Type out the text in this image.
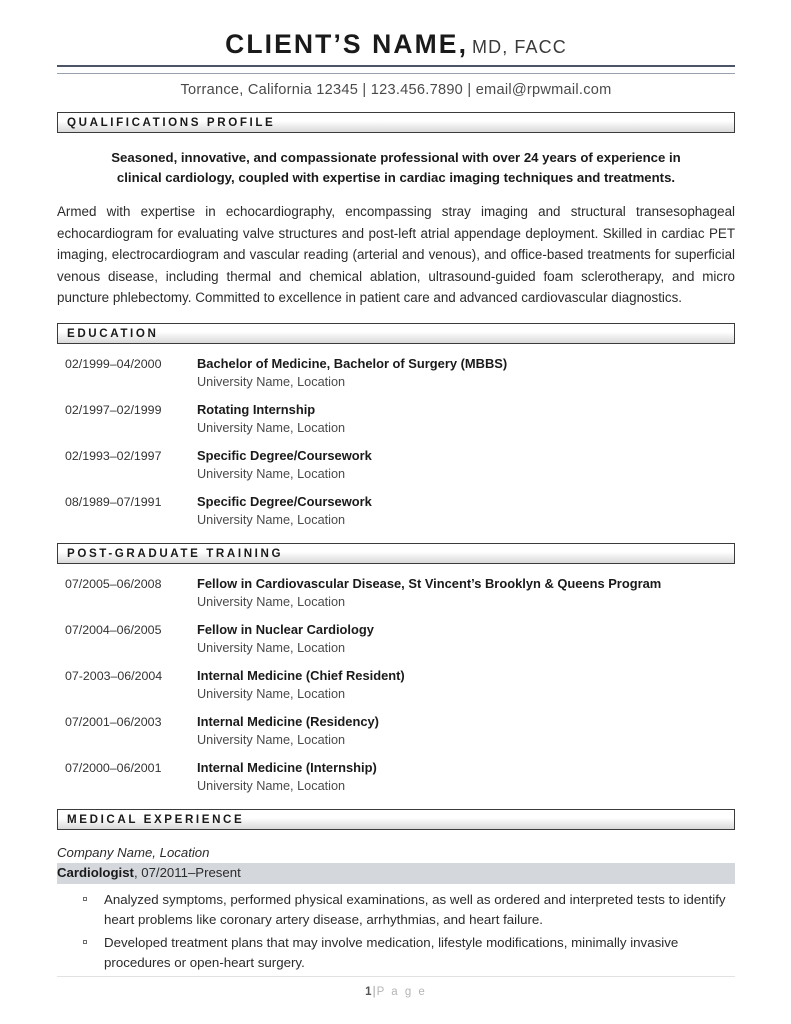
CLIENT’S NAME, MD, FACC
Torrance, California 12345 | 123.456.7890 | email@rpwmail.com
QUALIFICATIONS PROFILE
Seasoned, innovative, and compassionate professional with over 24 years of experience in clinical cardiology, coupled with expertise in cardiac imaging techniques and treatments.
Armed with expertise in echocardiography, encompassing stray imaging and structural transesophageal echocardiogram for evaluating valve structures and post-left atrial appendage deployment. Skilled in cardiac PET imaging, electrocardiogram and vascular reading (arterial and venous), and office-based treatments for superficial venous disease, including thermal and chemical ablation, ultrasound-guided foam sclerotherapy, and micro puncture phlebectomy. Committed to excellence in patient care and advanced cardiovascular diagnostics.
EDUCATION
02/1999–04/2000	Bachelor of Medicine, Bachelor of Surgery (MBBS)
University Name, Location
02/1997–02/1999	Rotating Internship
University Name, Location
02/1993–02/1997	Specific Degree/Coursework
University Name, Location
08/1989–07/1991	Specific Degree/Coursework
University Name, Location
POST-GRADUATE TRAINING
07/2005–06/2008	Fellow in Cardiovascular Disease, St Vincent’s Brooklyn & Queens Program
University Name, Location
07/2004–06/2005	Fellow in Nuclear Cardiology
University Name, Location
07-2003–06/2004	Internal Medicine (Chief Resident)
University Name, Location
07/2001–06/2003	Internal Medicine (Residency)
University Name, Location
07/2000–06/2001	Internal Medicine (Internship)
University Name, Location
MEDICAL EXPERIENCE
Company Name, Location
Cardiologist, 07/2011–Present
Analyzed symptoms, performed physical examinations, as well as ordered and interpreted tests to identify heart problems like coronary artery disease, arrhythmias, and heart failure.
Developed treatment plans that may involve medication, lifestyle modifications, minimally invasive procedures or open-heart surgery.
1|P a g e
